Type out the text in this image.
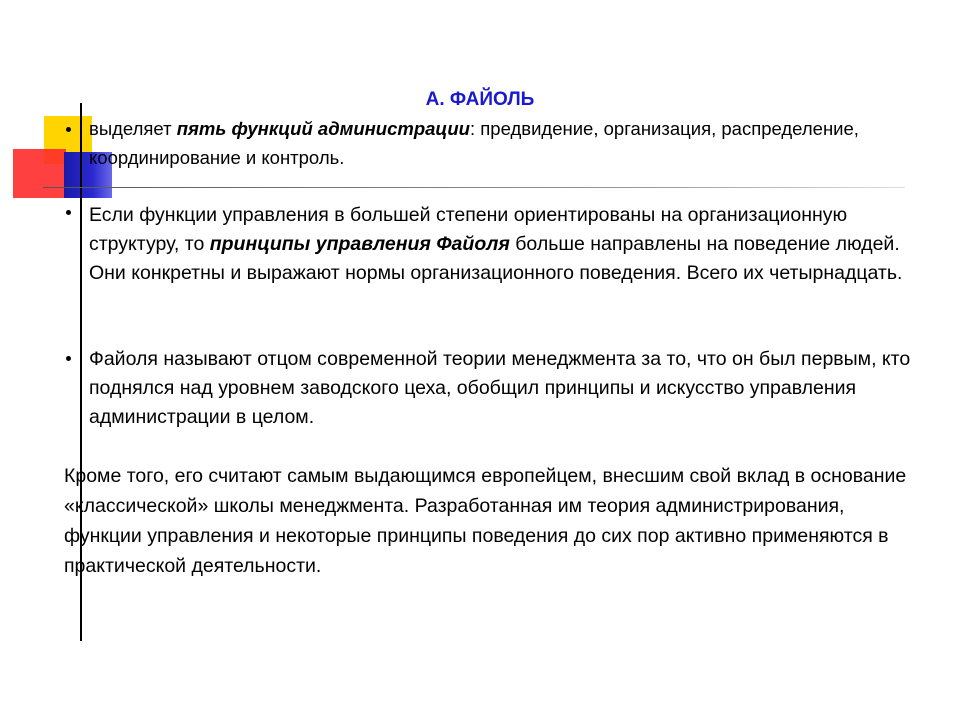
А. ФАЙОЛЬ
выделяет пять функций администрации: предвидение, организация, распределение, координирование и контроль.
Если функции управления в большей степени ориентированы на организационную структуру, то принципы управления Файоля больше направлены на поведение людей. Они конкретны и выражают нормы организационного поведения. Всего их четырнадцать.
Файоля называют отцом современной теории менеджмента за то, что он был первым, кто поднялся над уровнем заводского цеха, обобщил принципы и искусство управления администрации в целом.
Кроме того, его считают самым выдающимся европейцем, внесшим свой вклад в основание «классической» школы менеджмента. Разработанная им теория администрирования, функции управления и некоторые принципы поведения до сих пор активно применяются в практической деятельности.
